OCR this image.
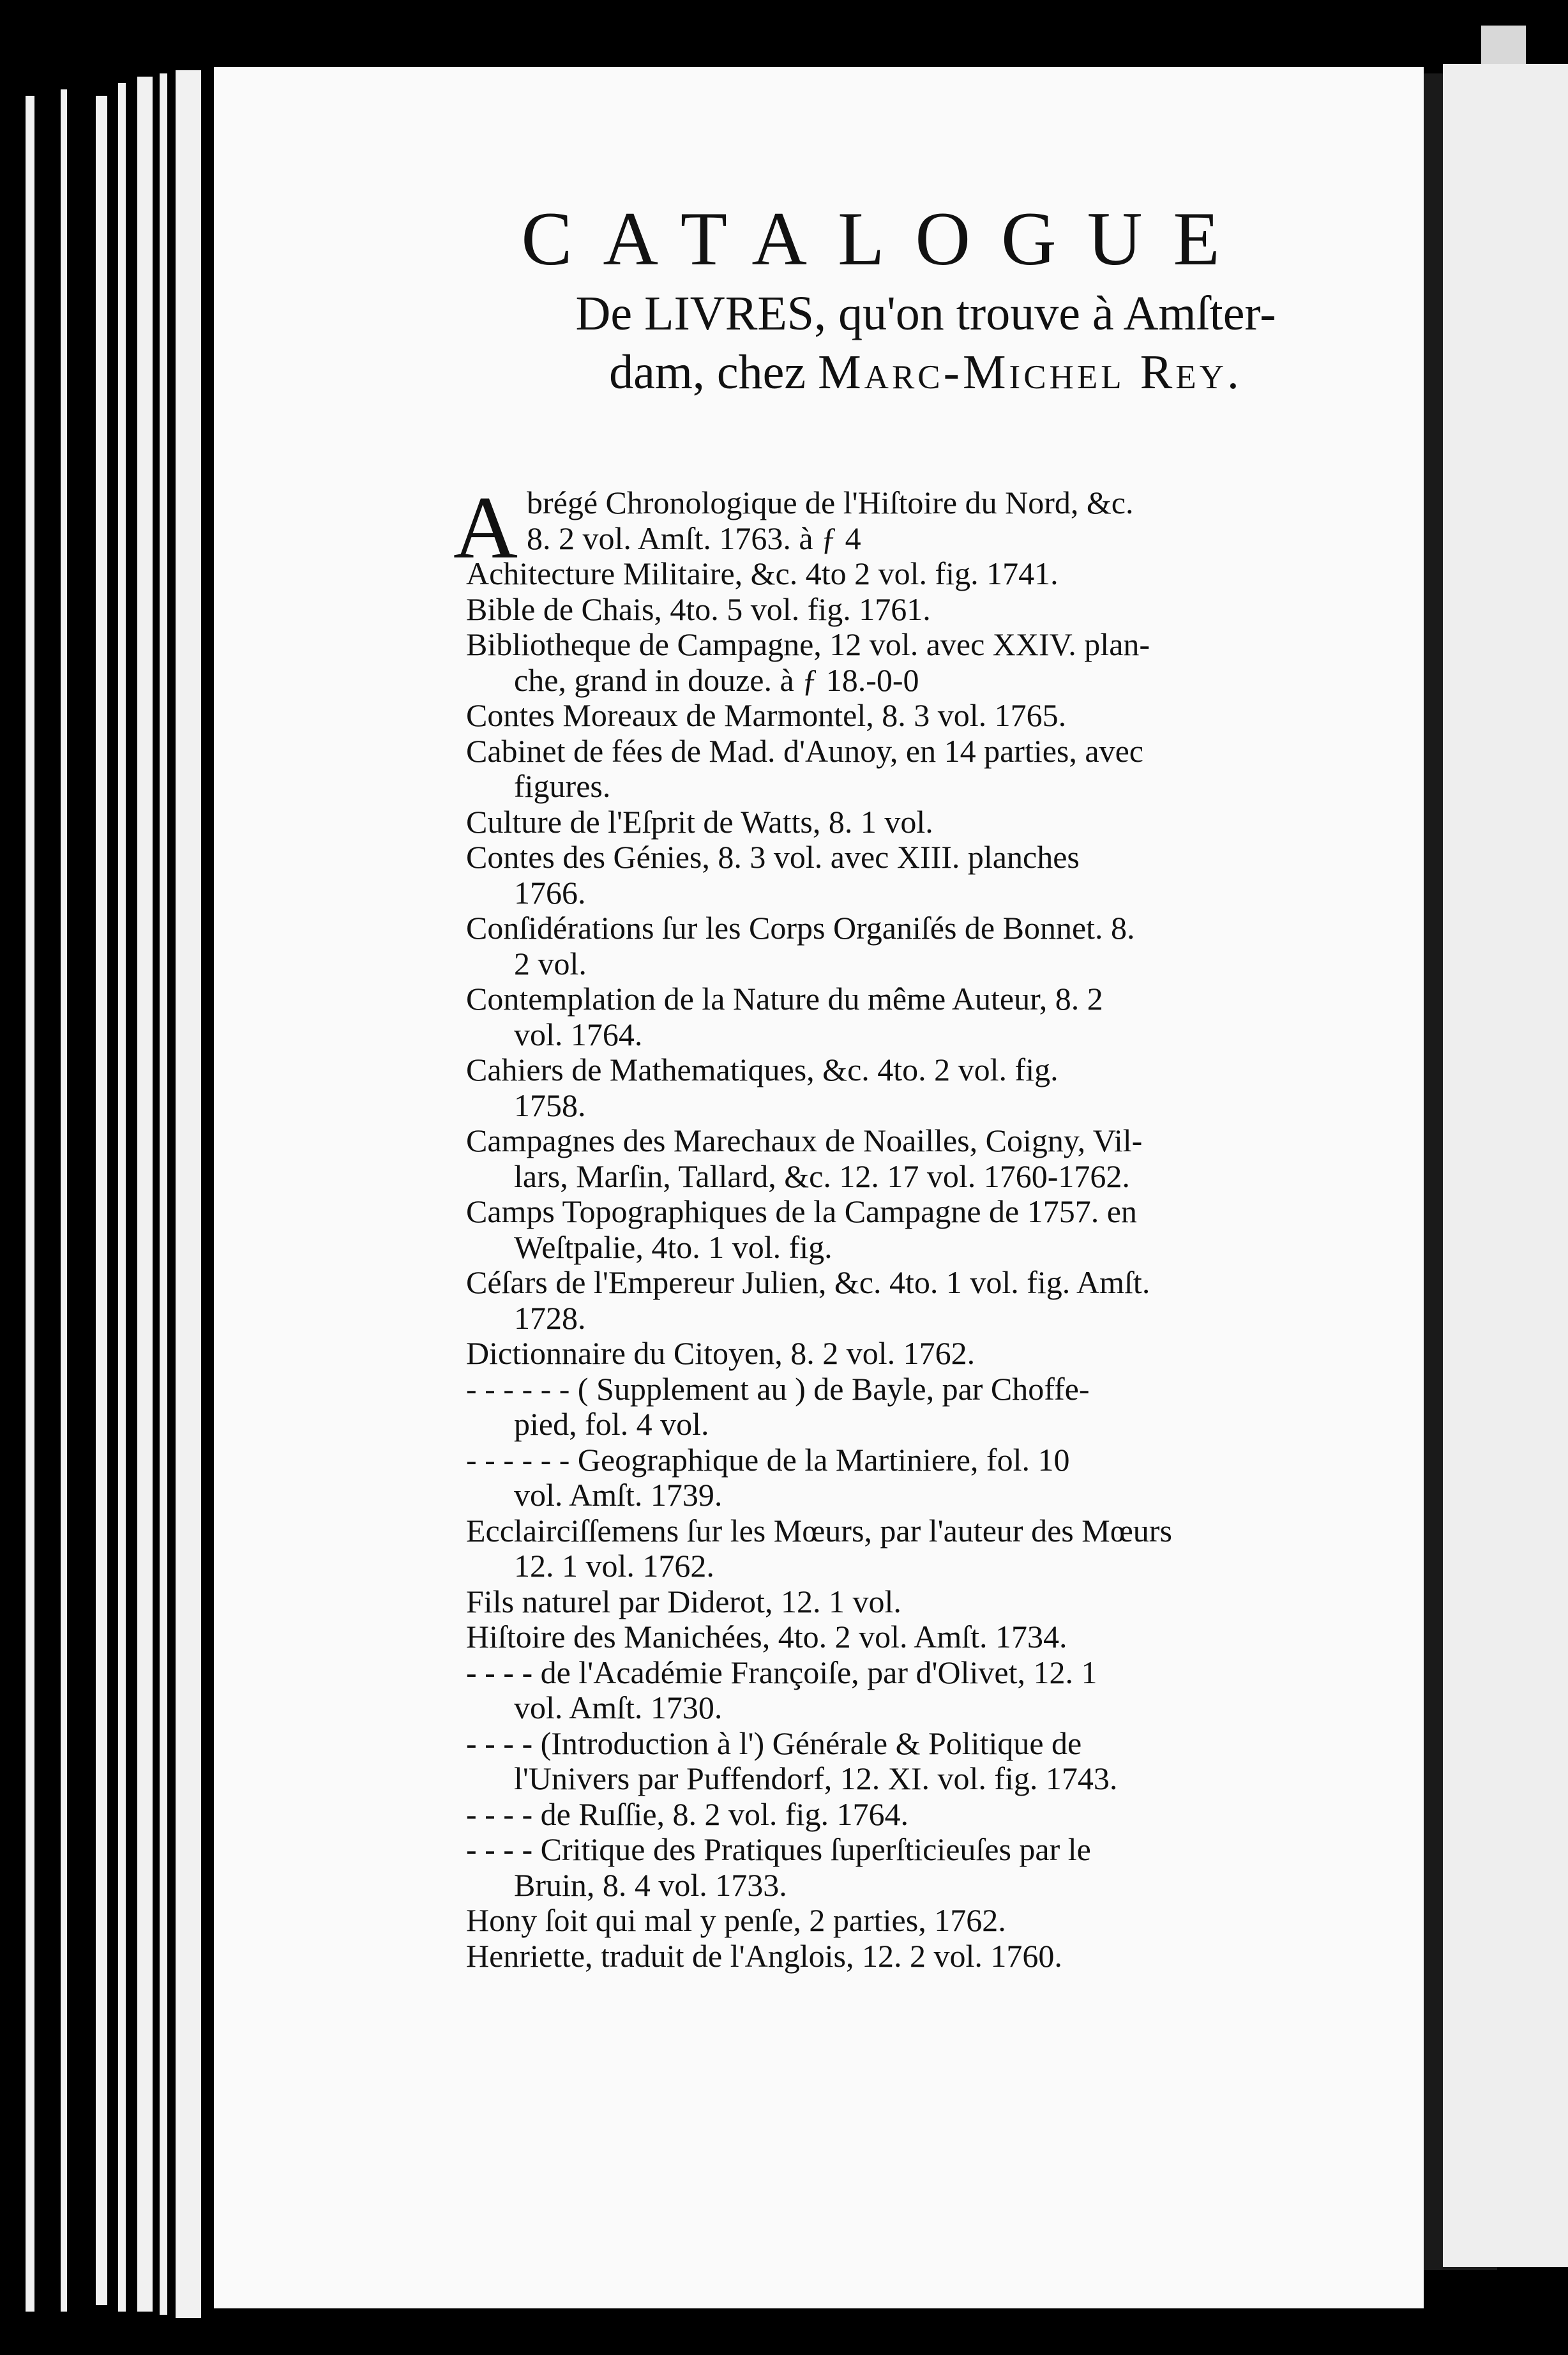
CATALOGUE
De LIVRES, qu'on trouve à Amſter-
dam, chez Marc-Michel Rey.
A brégé Chronologique de l'Hiſtoire du Nord, &c.
8. 2 vol. Amſt. 1763. à ƒ 4
Achitecture Militaire, &c. 4to 2 vol. fig. 1741.
Bible de Chais, 4to. 5 vol. fig. 1761.
Bibliotheque de Campagne, 12 vol. avec XXIV. plan-
che, grand in douze. à ƒ 18.-0-0
Contes Moreaux de Marmontel, 8. 3 vol. 1765.
Cabinet de fées de Mad. d'Aunoy, en 14 parties, avec
figures.
Culture de l'Eſprit de Watts, 8. 1 vol.
Contes des Génies, 8. 3 vol. avec XIII. planches
1766.
Conſidérations ſur les Corps Organiſés de Bonnet. 8.
2 vol.
Contemplation de la Nature du même Auteur, 8. 2
vol. 1764.
Cahiers de Mathematiques, &c. 4to. 2 vol. fig.
1758.
Campagnes des Marechaux de Noailles, Coigny, Vil-
lars, Marſin, Tallard, &c. 12. 17 vol. 1760-1762.
Camps Topographiques de la Campagne de 1757. en
Weſtpalie, 4to. 1 vol. fig.
Céſars de l'Empereur Julien, &c. 4to. 1 vol. fig. Amſt.
1728.
Dictionnaire du Citoyen, 8. 2 vol. 1762.
- - - - - - ( Supplement au ) de Bayle, par Choffe-
pied, fol. 4 vol.
- - - - - - Geographique de la Martiniere, fol. 10
vol. Amſt. 1739.
Ecclairciſſemens ſur les Mœurs, par l'auteur des Mœurs
12. 1 vol. 1762.
Fils naturel par Diderot, 12. 1 vol.
Hiſtoire des Manichées, 4to. 2 vol. Amſt. 1734.
- - - - de l'Académie Françoiſe, par d'Olivet, 12. 1
vol. Amſt. 1730.
- - - - (Introduction à l') Générale & Politique de
l'Univers par Puffendorf, 12. XI. vol. fig. 1743.
- - - - de Ruſſie, 8. 2 vol. fig. 1764.
- - - - Critique des Pratiques ſuperſticieuſes par le
Bruin, 8. 4 vol. 1733.
Hony ſoit qui mal y penſe, 2 parties, 1762.
Henriette, traduit de l'Anglois, 12. 2 vol. 1760.
